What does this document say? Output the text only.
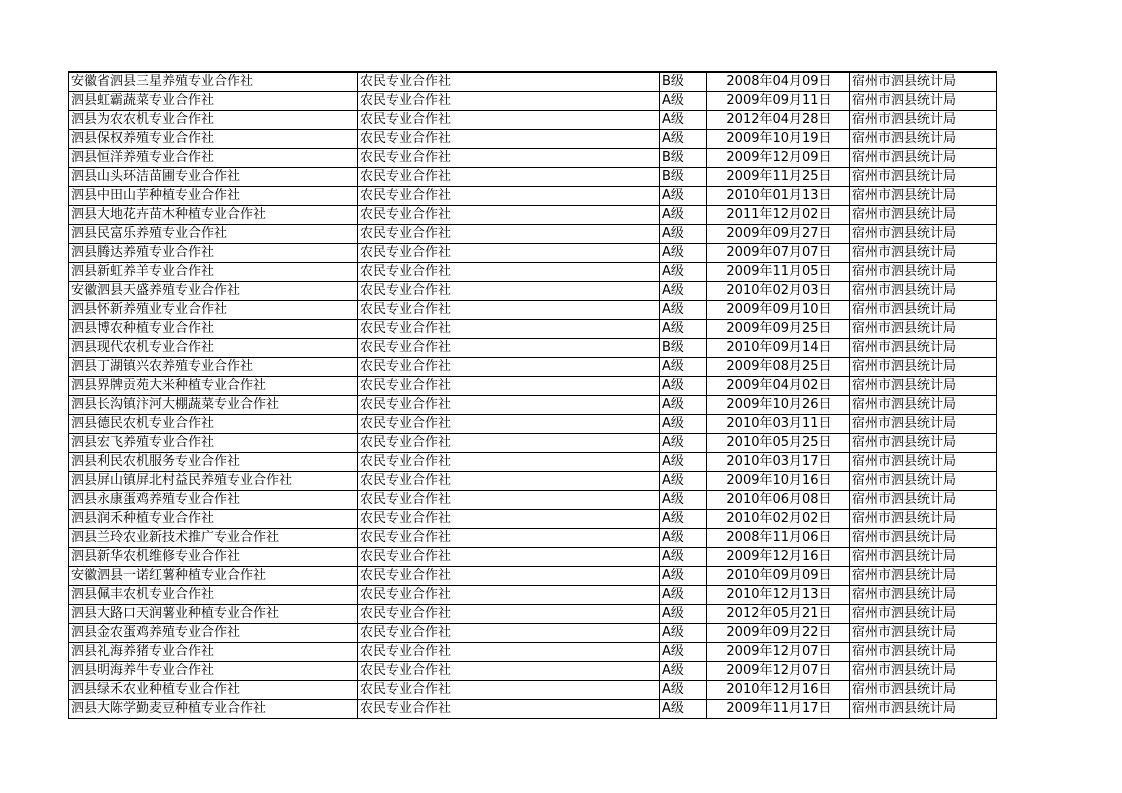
安徽省泗县三星养殖专业合作社	农民专业合作社	B级	2008年04月09日	宿州市泗县统计局
泗县虹霸蔬菜专业合作社	农民专业合作社	A级	2009年09月11日	宿州市泗县统计局
泗县为农农机专业合作社	农民专业合作社	A级	2012年04月28日	宿州市泗县统计局
泗县保权养殖专业合作社	农民专业合作社	A级	2009年10月19日	宿州市泗县统计局
泗县恒洋养殖专业合作社	农民专业合作社	B级	2009年12月09日	宿州市泗县统计局
泗县山头环洁苗圃专业合作社	农民专业合作社	B级	2009年11月25日	宿州市泗县统计局
泗县中田山芋种植专业合作社	农民专业合作社	A级	2010年01月13日	宿州市泗县统计局
泗县大地花卉苗木种植专业合作社	农民专业合作社	A级	2011年12月02日	宿州市泗县统计局
泗县民富乐养殖专业合作社	农民专业合作社	A级	2009年09月27日	宿州市泗县统计局
泗县腾达养殖专业合作社	农民专业合作社	A级	2009年07月07日	宿州市泗县统计局
泗县新虹养羊专业合作社	农民专业合作社	A级	2009年11月05日	宿州市泗县统计局
安徽泗县天盛养殖专业合作社	农民专业合作社	A级	2010年02月03日	宿州市泗县统计局
泗县怀新养殖业专业合作社	农民专业合作社	A级	2009年09月10日	宿州市泗县统计局
泗县博农种植专业合作社	农民专业合作社	A级	2009年09月25日	宿州市泗县统计局
泗县现代农机专业合作社	农民专业合作社	B级	2010年09月14日	宿州市泗县统计局
泗县丁湖镇兴农养殖专业合作社	农民专业合作社	A级	2009年08月25日	宿州市泗县统计局
泗县界牌贡苑大米种植专业合作社	农民专业合作社	A级	2009年04月02日	宿州市泗县统计局
泗县长沟镇汴河大棚蔬菜专业合作社	农民专业合作社	A级	2009年10月26日	宿州市泗县统计局
泗县德民农机专业合作社	农民专业合作社	A级	2010年03月11日	宿州市泗县统计局
泗县宏飞养殖专业合作社	农民专业合作社	A级	2010年05月25日	宿州市泗县统计局
泗县利民农机服务专业合作社	农民专业合作社	A级	2010年03月17日	宿州市泗县统计局
泗县屏山镇屏北村益民养殖专业合作社	农民专业合作社	A级	2009年10月16日	宿州市泗县统计局
泗县永康蛋鸡养殖专业合作社	农民专业合作社	A级	2010年06月08日	宿州市泗县统计局
泗县润禾种植专业合作社	农民专业合作社	A级	2010年02月02日	宿州市泗县统计局
泗县兰玲农业新技术推广专业合作社	农民专业合作社	A级	2008年11月06日	宿州市泗县统计局
泗县新华农机维修专业合作社	农民专业合作社	A级	2009年12月16日	宿州市泗县统计局
安徽泗县一诺红薯种植专业合作社	农民专业合作社	A级	2010年09月09日	宿州市泗县统计局
泗县佩丰农机专业合作社	农民专业合作社	A级	2010年12月13日	宿州市泗县统计局
泗县大路口天润薯业种植专业合作社	农民专业合作社	A级	2012年05月21日	宿州市泗县统计局
泗县金农蛋鸡养殖专业合作社	农民专业合作社	A级	2009年09月22日	宿州市泗县统计局
泗县礼海养猪专业合作社	农民专业合作社	A级	2009年12月07日	宿州市泗县统计局
泗县明海养牛专业合作社	农民专业合作社	A级	2009年12月07日	宿州市泗县统计局
泗县绿禾农业种植专业合作社	农民专业合作社	A级	2010年12月16日	宿州市泗县统计局
泗县大陈学勤麦豆种植专业合作社	农民专业合作社	A级	2009年11月17日	宿州市泗县统计局
